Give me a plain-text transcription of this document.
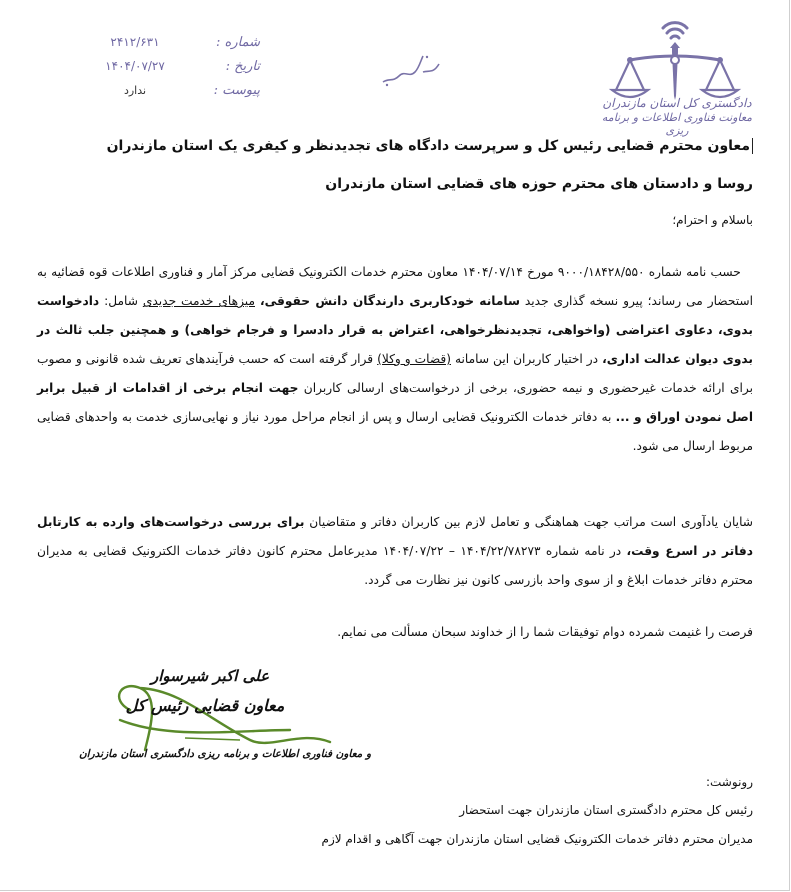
شماره :
۲۴۱۲/۶۳۱
تاریخ :
۱۴۰۴/۰۷/۲۷
پیوست :
ندارد
دادگستری کل استان مازندران
معاونت فناوری اطلاعات و برنامه ریزی
معاون محترم قضایی رئیس کل و سرپرست دادگاه های تجدیدنظر و کیفری یک استان مازندران
روسا و دادستان های محترم حوزه های قضایی استان مازندران
باسلام و احترام؛
 حسب نامه شماره ۹۰۰۰/۱۸۴۲۸/۵۵۰ مورخ ۱۴۰۴/۰۷/۱۴ معاون محترم خدمات الکترونیک قضایی مرکز آمار و فناوری اطلاعات قوه قضائیه به استحضار می رساند؛ پیرو نسخه گذاری جدید سامانه خودکاربری دارندگان دانش حقوقی، میزهای خدمت جدیدی شامل: دادخواست بدوی، دعاوی اعتراضی (واخواهی، تجدیدنظرخواهی، اعتراض به قرار دادسرا و فرجام خواهی) و همچنین جلب ثالث در بدوی دیوان عدالت اداری، در اختیار کاربران این سامانه (قضات و وکلا) قرار گرفته است که حسب فرآیندهای تعریف شده قانونی و مصوب برای ارائه خدمات غیرحضوری و نیمه حضوری، برخی از درخواست‌های ارسالی کاربران جهت انجام برخی از اقدامات از قبیل برابر اصل نمودن اوراق و ... به دفاتر خدمات الکترونیک قضایی ارسال و پس از انجام مراحل مورد نیاز و نهایی‌سازی خدمت به واحدهای قضایی مربوط ارسال می شود.
شایان یادآوری است مراتب جهت هماهنگی و تعامل لازم بین کاربران دفاتر و متقاضیان برای بررسی درخواست‌های وارده به کارتابل دفاتر در اسرع وقت، در نامه شماره ۱۴۰۴/۲۲/۷۸۲۷۳ – ۱۴۰۴/۰۷/۲۲ مدیرعامل محترم کانون دفاتر خدمات الکترونیک قضایی به مدیران محترم دفاتر خدمات ابلاغ و از سوی واحد بازرسی کانون نیز نظارت می گردد.
فرصت را غنیمت شمرده دوام توفیقات شما را از خداوند سبحان مسألت می نمایم.
علی اکبر شیرسوار
معاون قضایی رئیس کل
و معاون فناوری اطلاعات و برنامه ریزی دادگستری استان مازندران
رونوشت:
رئیس کل محترم دادگستری استان مازندران جهت استحضار
مدیران محترم دفاتر خدمات الکترونیک قضایی استان مازندران جهت آگاهی و اقدام لازم
